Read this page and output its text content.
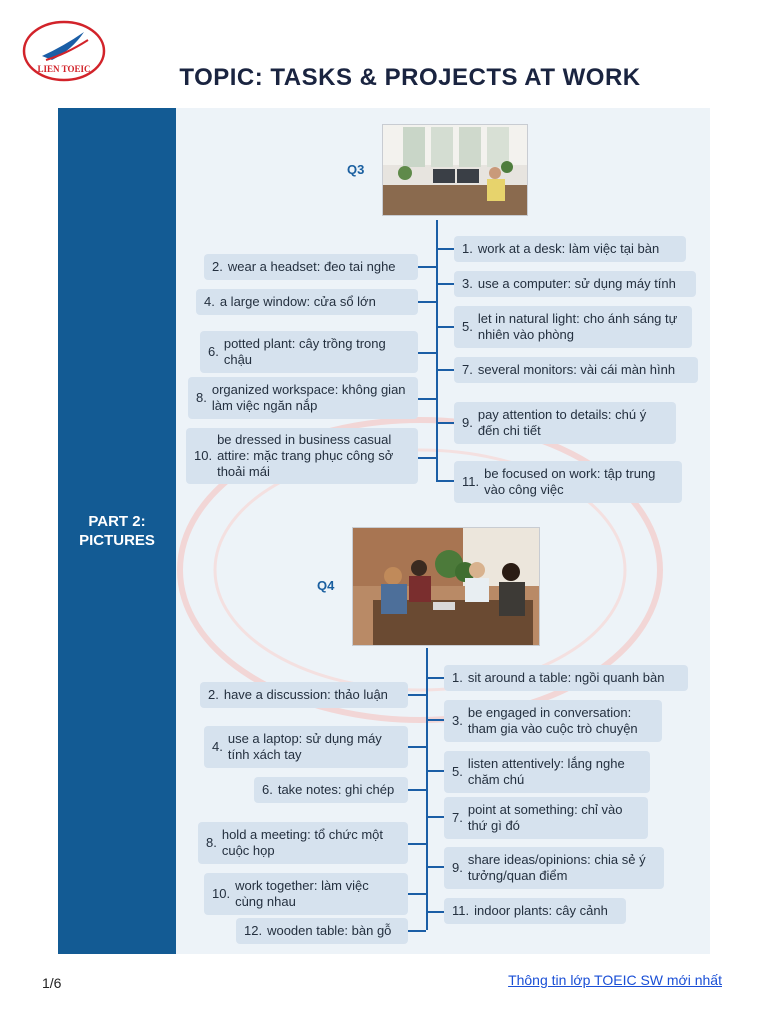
LIEN TOEIC	TOPIC: TASKS & PROJECTS AT WORK
PART 2:
PICTURES
Q3
2. wear a headset: đeo tai nghe
4. a large window: cửa sổ lớn
6.
potted plant: cây trồng trong chậu
8.
organized workspace: không gian làm việc ngăn nắp
10.
be dressed in business casual attire: mặc trang phục công sở thoải mái
1. work at a desk: làm việc tại bàn
3. use a computer: sử dụng máy tính
5.
let in natural light: cho ánh sáng tự nhiên vào phòng
7. several monitors: vài cái màn hình
9.
pay attention to details: chú ý đến chi tiết
11.
be focused on work: tập trung vào công việc
Q4
2. have a discussion: thảo luận
4.
use a laptop: sử dụng máy tính xách tay
6. take notes: ghi chép
8.
hold a meeting: tổ chức một cuộc họp
10.
work together: làm việc cùng nhau
12. wooden table: bàn gỗ
1. sit around a table: ngồi quanh bàn
3.
be engaged in conversation: tham gia vào cuộc trò chuyện
5.
listen attentively: lắng nghe chăm chú
7.
point at something: chỉ vào thứ gì đó
9.
share ideas/opinions: chia sẻ ý tưởng/quan điểm
11. indoor plants: cây cảnh
1/6	Thông tin lớp TOEIC SW mới nhất
